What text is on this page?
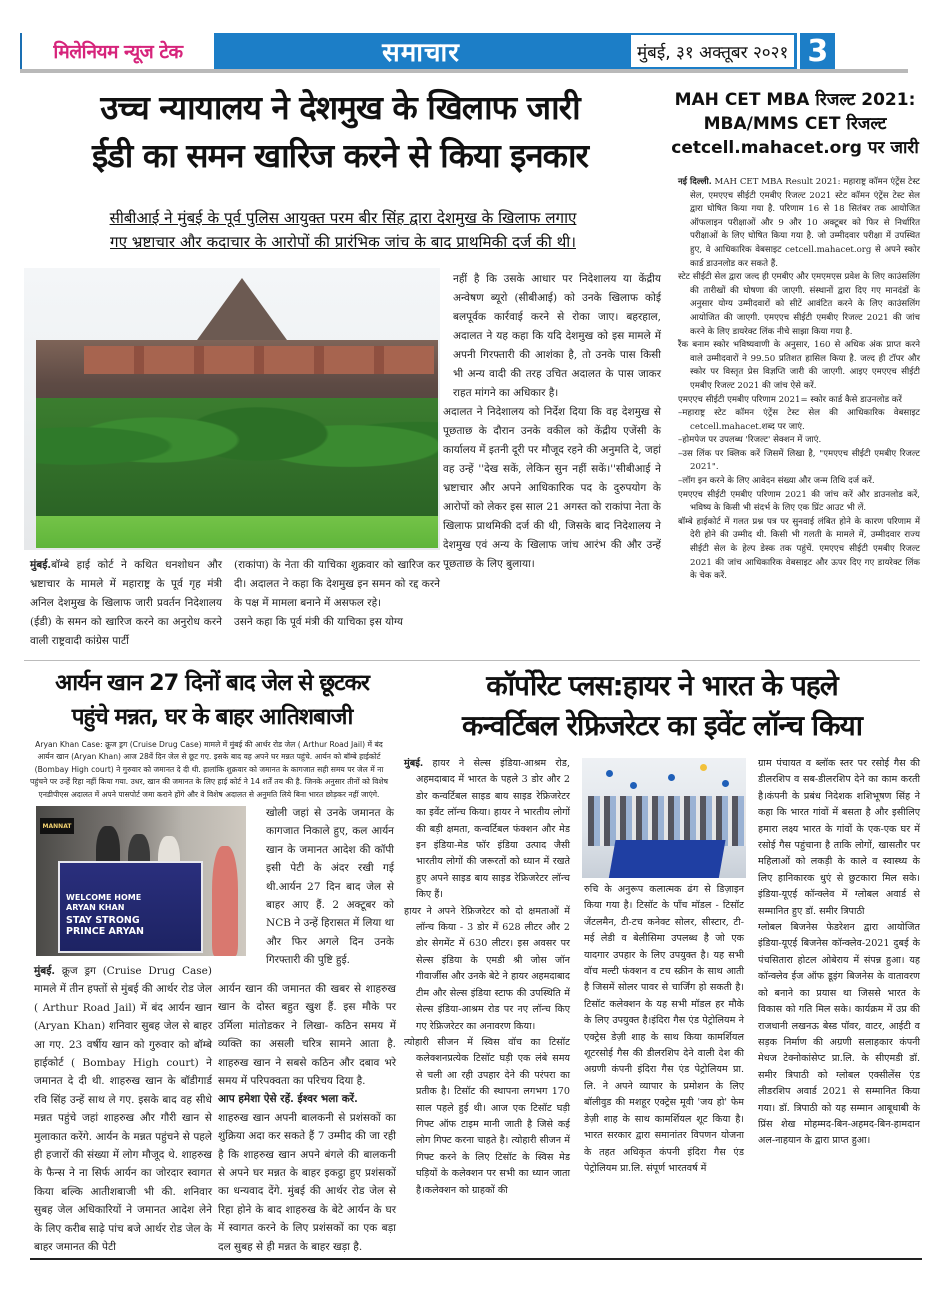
मिलेनियम न्यूज टेक	समाचार	मुंबई, ३१ अक्तूबर २०२१ 3
उच्च न्यायालय ने देशमुख के खिलाफ जारी
ईडी का समन खारिज करने से किया इनकार
सीबीआई ने मुंबई के पूर्व पुलिस आयुक्त परम बीर सिंह द्वारा देशमुख के खिलाफ लगाए
गए भ्रष्टाचार और कदाचार के आरोपों की प्रारंभिक जांच के बाद प्राथमिकी दर्ज की थी।

नहीं है कि उसके आधार पर निदेशालय या केंद्रीय अन्वेषण ब्यूरो (सीबीआई) को उनके खिलाफ कोई बलपूर्वक कार्रवाई करने से रोका जाए। बहरहाल, अदालत ने यह कहा कि यदि देशमुख को इस मामले में अपनी गिरफ्तारी की आशंका है, तो उनके पास किसी भी अन्य वादी की तरह उचित अदालत के पास जाकर राहत मांगने का अधिकार है।

अदालत ने निदेशालय को निर्देश दिया कि वह देशमुख से पूछताछ के दौरान उनके वकील को केंद्रीय एजेंसी के कार्यालय में इतनी दूरी पर मौजूद रहने की अनुमति दे, जहां वह उन्हें ''देख सकें, लेकिन सुन नहीं सकें।''सीबीआई ने भ्रष्टाचार और अपने आधिकारिक पद के दुरुपयोग के आरोपों को लेकर इस साल 21 अगस्त को राकांपा नेता के खिलाफ प्राथमिकी दर्ज की थी, जिसके बाद निदेशालय ने देशमुख एवं अन्य के खिलाफ जांच आरंभ की और उन्हें पूछताछ के लिए बुलाया।

मुंबई.बॉम्बे हाई कोर्ट ने कथित धनशोधन और भ्रष्टाचार के मामले में महाराष्ट्र के पूर्व गृह मंत्री अनिल देशमुख के खिलाफ जारी प्रवर्तन निदेशालय (ईडी) के समन को खारिज करने का अनुरोध करने वाली राष्ट्रवादी कांग्रेस पार्टी

(राकांपा) के नेता की याचिका शुक्रवार को खारिज कर दी। अदालत ने कहा कि देशमुख इन समन को रद्द करने के पक्ष में मामला बनाने में असफल रहे।

उसने कहा कि पूर्व मंत्री की याचिका इस योग्य

MAH CET MBA रिजल्ट 2021:
MBA/MMS CET रिजल्ट
cetcell.mahacet.org पर जारी

नई दिल्ली. MAH CET MBA Result 2021: महाराष्ट्र कॉमन एंट्रेंस टेस्ट सेल, एमएएच सीईटी एमबीए रिजल्ट 2021 स्टेट कॉमन एंट्रेंस टेस्ट सेल द्वारा घोषित किया गया है. परिणाम 16 से 18 सितंबर तक आयोजित ऑफलाइन परीक्षाओं और 9 और 10 अक्टूबर को फिर से निर्धारित परीक्षाओं के लिए घोषित किया गया है. जो उम्मीदवार परीक्षा में उपस्थित हुए, वे आधिकारिक वेबसाइट cetcell.mahacet.org से अपने स्कोर कार्ड डाउनलोड कर सकते हैं.

स्टेट सीईटी सेल द्वारा जल्द ही एमबीए और एमएमएस प्रवेश के लिए काउंसलिंग की तारीखों की घोषणा की जाएगी. संस्थानों द्वारा दिए गए मानदंडों के अनुसार योग्य उम्मीदवारों को सीटें आवंटित करने के लिए काउंसलिंग आयोजित की जाएगी. एमएएच सीईटी एमबीए रिजल्ट 2021 की जांच करने के लिए डायरेक्ट लिंक नीचे साझा किया गया है.

रैंक बनाम स्कोर भविष्यवाणी के अनुसार, 160 से अधिक अंक प्राप्त करने वाले उम्मीदवारों ने 99.50 प्रतिशत हासिल किया है. जल्द ही टॉपर और स्कोर पर विस्तृत प्रेस विज्ञप्ति जारी की जाएगी. आइए एमएएच सीईटी एमबीए रिजल्ट 2021 की जांच ऐसे करें.

एमएएच सीईटी एमबीए परिणाम 2021= स्कोर कार्ड कैसे डाउनलोड करें

–महाराष्ट्र स्टेट कॉमन एंट्रेंस टेस्ट सेल की आधिकारिक वेबसाइट cetcell.mahacet.शब्द पर जाएं.

–होमपेज पर उपलब्ध 'रिजल्ट' सेक्शन में जाएं.

–उस लिंक पर क्लिक करें जिसमें लिखा है, "एमएएच सीईटी एमबीए रिजल्ट 2021".

–लॉग इन करने के लिए आवेदन संख्या और जन्म तिथि दर्ज करें.

एमएएच सीईटी एमबीए परिणाम 2021 की जांच करें और डाउनलोड करें, भविष्य के किसी भी संदर्भ के लिए एक प्रिंट आउट भी लें.

बॉम्बे हाईकोर्ट में गलत प्रश्न पत्र पर सुनवाई लंबित होने के कारण परिणाम में देरी होने की उम्मीद थी. किसी भी गलती के मामले में, उम्मीदवार राज्य सीईटी सेल के हेल्प डेस्क तक पहुंचें. एमएएच सीईटी एमबीए रिजल्ट 2021 की जांच आधिकारिक वेबसाइट और ऊपर दिए गए डायरेक्ट लिंक के चेक करें.

आर्यन खान 27 दिनों बाद जेल से छूटकर
पहुंचे मन्नत, घर के बाहर आतिशबाजी
Aryan Khan Case: क्रूज ड्रग (Cruise Drug Case) मामले में मुंबई की आर्थर रोड जेल ( Arthur Road Jail) में बंद आर्यन खान (Aryan Khan) आज 28वें दिन जेल से छूट गए. इसके बाद वह अपने घर मन्नत पहुंचे. आर्यन को बॉम्बे हाईकोर्ट (Bombay High court) ने गुरुवार को जमानत दे दी थी. हालांकि शुक्रवार को जमानत के कागजात सही समय पर जेल में ना पहुंचने पर उन्हें रिहा नहीं किया गया. उधर, खान की जमानत के लिए हाई कोर्ट ने 14 शर्तें तय की है. जिनके अनुसार तीनों को विशेष एनडीपीएस अदालत में अपने पासपोर्ट जमा कराने होंगे और वे विशेष अदालत से अनुमति लिये बिना भारत छोड़कर नहीं जाएंगे.
MANNAT
WELCOME HOME
ARYAN KHAN
STAY STRONG
PRINCE ARYAN
खोली जहां से उनके जमानत के कागजात निकाले हुए, कल आर्यन खान के जमानत आदेश की कॉपी इसी पेटी के अंदर रखी गई थी.आर्यन 27 दिन बाद जेल से बाहर आए हैं. 2 अक्टूबर को NCB ने उन्हें हिरासत में लिया था और फिर अगले दिन उनके गिरफ्तारी की पुष्टि हुई.
मुंबई. क्रूज ड्रग (Cruise Drug Case) मामले में तीन हफ्तों से मुंबई की आर्थर रोड जेल ( Arthur Road Jail) में बंद आर्यन खान (Aryan Khan) शनिवार सुबह जेल से बाहर आ गए. 23 वर्षीय खान को गुरुवार को बॉम्बे हाईकोर्ट ( Bombay High court) ने जमानत दे दी थी. शाहरुख खान के बॉडीगार्ड रवि सिंह उन्हें साथ ले गए. इसके बाद वह सीधे मन्नत पहुंचे जहां शाहरुख और गौरी खान से मुलाकात करेंगे. आर्यन के मन्नत पहुंचने से पहले ही हजारों की संख्या में लोग मौजूद थे. शाहरुख के फैन्स ने ना सिर्फ आर्यन का जोरदार स्वागत किया बल्कि आतीशबाजी भी की. शनिवार सुबह जेल अधिकारियों ने जमानत आदेश लेने के लिए करीब साढ़े पांच बजे आर्थर रोड जेल के बाहर जमानत की पेटी

आर्यन खान की जमानत की खबर से शाहरुख खान के दोस्त बहुत खुश हैं. इस मौके पर उर्मिला मांतोडकर ने लिखा- कठिन समय में व्यक्ति का असली चरित्र सामने आता है. शाहरुख खान ने सबसे कठिन और दबाव भरे समय में परिपक्वता का परिचय दिया है.

आप हमेशा ऐसे रहें. ईश्वर भला करें.

शाहरुख खान अपनी बालकनी से प्रशंसकों का शुक्रिया अदा कर सकते हैं 7 उम्मीद की जा रही है कि शाहरुख खान अपने बंगले की बालकनी से अपने घर मन्नत के बाहर इकट्ठा हुए प्रशंसकों का धन्यवाद देंगे. मुंबई की आर्थर रोड जेल से रिहा होने के बाद शाहरुख के बेटे आर्यन के घर में स्वागत करने के लिए प्रशंसकों का एक बड़ा दल सुबह से ही मन्नत के बाहर खड़ा है.

कॉर्पोरेट प्लस:हायर ने भारत के पहले
कन्वर्टिबल रेफ्रिजरेटर का इवेंट लॉन्च किया

मुंबई. हायर ने सेल्स इंडिया-आश्रम रोड, अहमदाबाद में भारत के पहले 3 डोर और 2 डोर कन्वर्टिबल साइड बाय साइड रेफ्रिजरेटर का इवेंट लॉन्च किया। हायर ने भारतीय लोगों की बड़ी क्षमता, कन्वर्टिबल फंक्शन और मेड इन इंडिया-मेड फॉर इंडिया उत्पाद जैसी भारतीय लोगों की जरूरतों को ध्यान में रखते हुए अपने साइड बाय साइड रेफ्रिजरेटर लॉन्च किए हैं।

हायर ने अपने रेफ्रिजरेटर को दो क्षमताओं में लॉन्च किया - 3 डोर में 628 लीटर और 2 डोर सेगमेंट में 630 लीटर। इस अवसर पर सेल्स इंडिया के एमडी श्री जोस जॉन गीवार्जीस और उनके बेटे ने हायर अहमदाबाद टीम और सेल्स इंडिया स्टाफ की उपस्थिति में सेल्स इंडिया-आश्रम रोड पर नए लॉन्च किए गए रेफ्रिजरेटर का अनावरण किया।

त्योहारी सीजन में स्विस वॉच का टिसॉट कलेक्शनप्रत्येक टिसॉट घड़ी एक लंबे समय से चली आ रही उपहार देने की परंपरा का प्रतीक है। टिसॉट की स्थापना लगभग 170 साल पहले हुई थी। आज एक टिसॉट घड़ी गिफ्ट ऑफ टाइम मानी जाती है जिसे कई लोग गिफ्ट करना चाहते है। त्योहारी सीजन में गिफ्ट करने के लिए टिसॉट के स्विस मेड घड़ियों के कलेक्शन पर सभी का ध्यान जाता है।कलेक्शन को ग्राहकों की

रुचि के अनुरूप कलात्मक ढंग से डिज़ाइन किया गया है। टिसॉट के पाँच मॉडल - टिसॉट जेंटलमैन, टी-टच कनेक्ट सोलर, सीस्टार, टी-मई लेडी व बेलीसिमा उपलब्ध है जो एक यादगार उपहार के लिए उपयुक्त है। यह सभी वॉच मल्टी फंक्शन व टच स्क्रीन के साथ आती है जिसमें सोलर पावर से चार्जिंग हो सकती है। टिसॉट कलेक्शन के यह सभी मॉडल हर मौके के लिए उपयुक्त है।इंदिरा गैस एंड पेट्रोलियम ने एक्ट्रेस डेज़ी शाह के साथ किया कामर्शियल शूटरसोई गैस की डीलरशिप देने वाली देश की अग्रणी कंपनी इंदिरा गैस एंड पेट्रोलियम प्रा. लि. ने अपने व्यापार के प्रमोशन के लिए बॉलीवुड की मशहूर एक्ट्रेस मूवी 'जय हो' फेम डेज़ी शाह के साथ कामर्शियल शूट किया है। भारत सरकार द्वारा समानांतर विपणन योजना के तहत अधिकृत कंपनी इंदिरा गैस एंड पेट्रोलियम प्रा.लि. संपूर्ण भारतवर्ष में

ग्राम पंचायत व ब्लॉक स्तर पर रसोई गैस की डीलरशिप व सब-डीलरशिप देने का काम करती है।कंपनी के प्रबंध निदेशक शशिभूषण सिंह ने कहा कि भारत गांवों में बसता है और इसीलिए हमारा लक्ष्य भारत के गांवों के एक-एक घर में रसोई गैस पहुंचाना है ताकि लोगों, खासतौर पर महिलाओं को लकड़ी के काले व स्वास्थ्य के लिए हानिकारक धुएं से छुटकारा मिल सके।इंडिया-यूएई कॉन्क्लेव में ग्लोबल अवार्ड से सम्मानित हुए डॉ. समीर त्रिपाठी

ग्लोबल बिजनेस फेडरेशन द्वारा आयोजित इंडिया-यूएई बिजनेस कॉन्क्लेव-2021 दुबई के पंचसितारा होटल ओबेराय में संपन्न हुआ। यह कॉन्क्लेव ईज ऑफ डूइंग बिजनेस के वातावरण को बनाने का प्रयास था जिससे भारत के विकास को गति मिल सके। कार्यक्रम में उप्र की राजधानी लखनऊ बेस्ड पॉवर, वाटर, आईटी व सड़क निर्माण की अग्रणी सलाहकार कंपनी मेधज टेक्नोकांसेप्ट प्रा.लि. के सीएमडी डॉ. समीर त्रिपाठी को ग्लोबल एक्सीलेंस एंड लीडरशिप अवार्ड 2021 से सम्मानित किया गया। डॉ. त्रिपाठी को यह सम्मान आबूधाबी के प्रिंस शेख मोहम्मद-बिन-अहमद-बिन-हामदान अल-नाहयान के द्वारा प्राप्त हुआ।
